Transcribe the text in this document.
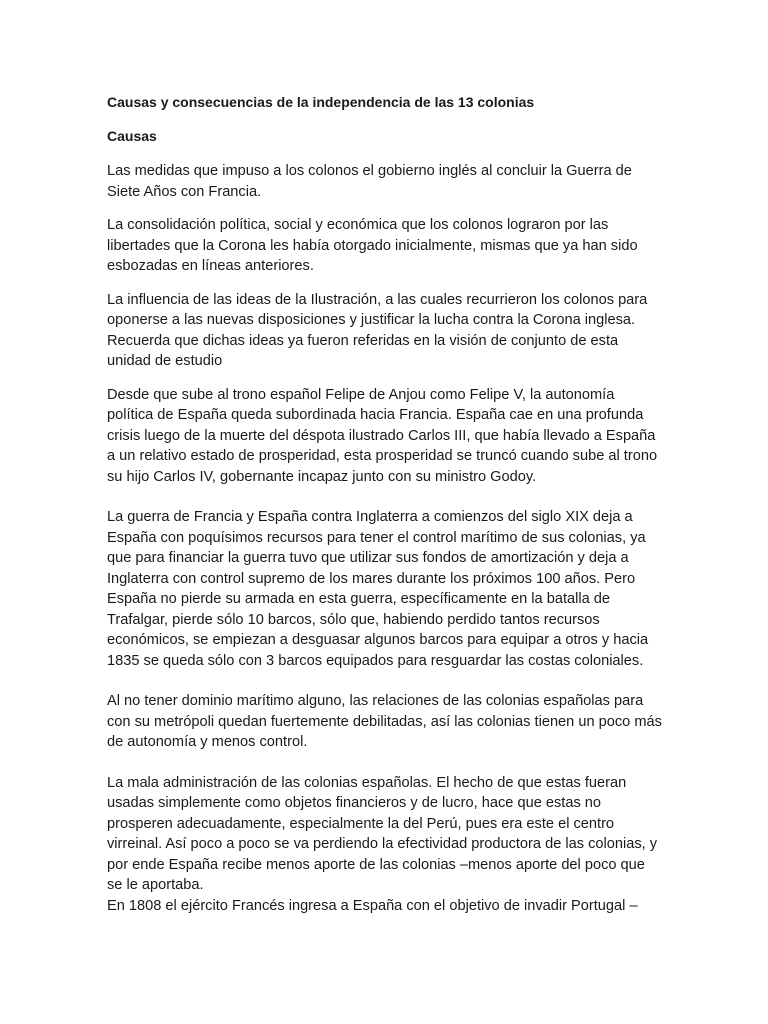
Causas y consecuencias de la independencia de las 13 colonias
Causas

Las medidas que impuso a los colonos el gobierno inglés al concluir la Guerra de Siete Años con Francia.

La consolidación política, social y económica que los colonos lograron por las libertades que la Corona les había otorgado inicialmente, mismas que ya han sido esbozadas en líneas anteriores.

La influencia de las ideas de la Ilustración, a las cuales recurrieron los colonos para oponerse a las nuevas disposiciones y justificar la lucha contra la Corona inglesa. Recuerda que dichas ideas ya fueron referidas en la visión de conjunto de esta unidad de estudio

Desde que sube al trono español Felipe de Anjou como Felipe V, la autonomía política de España queda subordinada hacia Francia. España cae en una profunda crisis luego de la muerte del déspota ilustrado Carlos III, que había llevado a España a un relativo estado de prosperidad, esta prosperidad se truncó cuando sube al trono su hijo Carlos IV, gobernante incapaz junto con su ministro Godoy.

La guerra de Francia y España contra Inglaterra a comienzos del siglo XIX deja a España con poquísimos recursos para tener el control marítimo de sus colonias, ya que para financiar la guerra tuvo que utilizar sus fondos de amortización y deja a Inglaterra con control supremo de los mares durante los próximos 100 años. Pero España no pierde su armada en esta guerra, específicamente en la batalla de Trafalgar, pierde sólo 10 barcos, sólo que, habiendo perdido tantos recursos económicos, se empiezan a desguasar algunos barcos para equipar a otros y hacia 1835 se queda sólo con 3 barcos equipados para resguardar las costas coloniales.

Al no tener dominio marítimo alguno, las relaciones de las colonias españolas para con su metrópoli quedan fuertemente debilitadas, así las colonias tienen un poco más de autonomía y menos control.

La mala administración de las colonias españolas. El hecho de que estas fueran usadas simplemente como objetos financieros y de lucro, hace que estas no prosperen adecuadamente, especialmente la del Perú, pues era este el centro virreinal. Así poco a poco se va perdiendo la efectividad productora de las colonias, y por ende España recibe menos aporte de las colonias –menos aporte del poco que se le aportaba.

En 1808 el ejército Francés ingresa a España con el objetivo de invadir Portugal –
